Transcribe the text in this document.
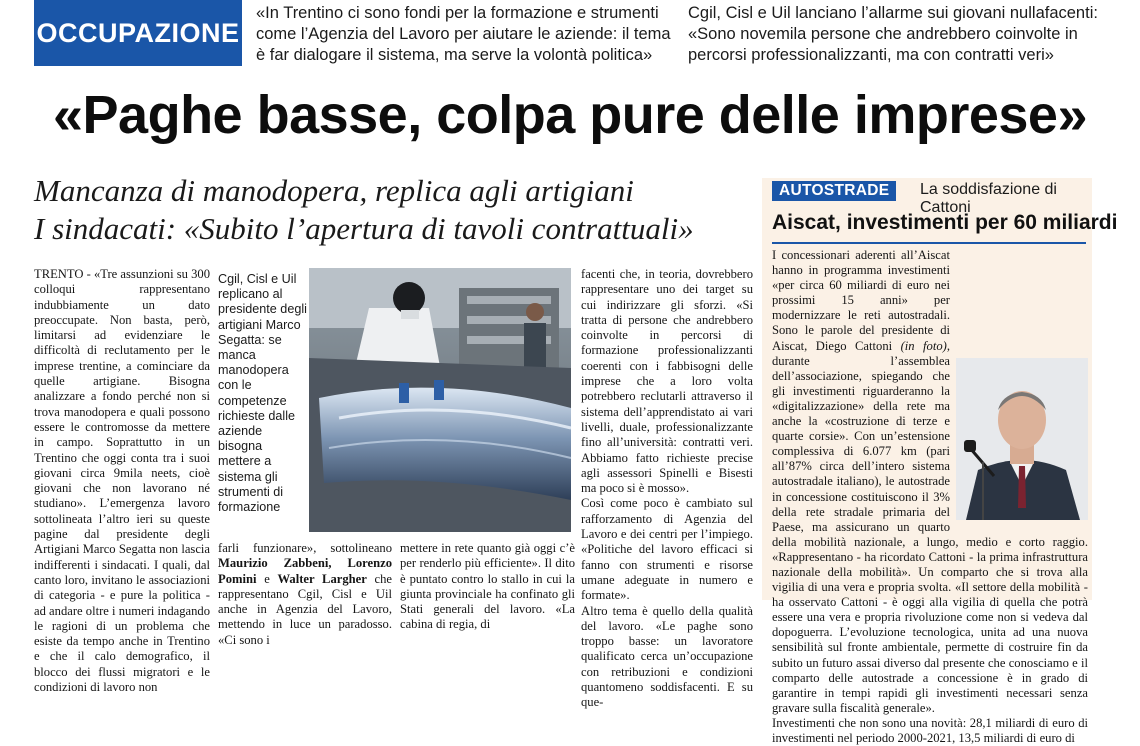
OCCUPAZIONE
«In Trentino ci sono fondi per la formazione e strumenti come l’Agenzia del Lavoro per aiutare le aziende: il tema è far dialogare il sistema, ma serve la volontà politica»
Cgil, Cisl e Uil lanciano l’allarme sui giovani nullafacenti: «Sono novemila persone che andrebbero coinvolte in percorsi professionalizzanti, ma con contratti veri»
«Paghe basse, colpa pure delle imprese»
Mancanza di manodopera, replica agli artigiani
I sindacati: «Subito l’apertura di tavoli contrattuali»

TRENTO - «Tre assunzioni su 300 colloqui rappresentano indubbiamente un dato preoccupate. Non basta, però, limitarsi ad evidenziare le difficoltà di reclutamento per le imprese trentine, a cominciare da quelle artigiane. Bisogna analizzare a fondo perché non si trova manodopera e quali possono essere le contromosse da mettere in campo. Soprattutto in un Trentino che oggi conta tra i suoi giovani circa 9mila neets, cioè giovani che non lavorano né studiano». L’emergenza lavoro sottolineata l’altro ieri su queste pagine dal presidente degli Artigiani Marco Segatta non lascia indifferenti i sindacati. I quali, dal canto loro, invitano le associazioni di categoria - e pure la politica - ad andare oltre i numeri indagando le ragioni di un problema che esiste da tempo anche in Trentino e che il calo demografico, il blocco dei flussi migratori e le condizioni di lavoro non

Cgil, Cisl e Uil replicano al presidente degli artigiani Marco Segatta: se manca manodopera con le competenze richieste dalle aziende bisogna mettere a sistema gli strumenti di formazione

farli funzionare», sottolineano Maurizio Zabbeni, Lorenzo Pomini e Walter Largher che rappresentano Cgil, Cisl e Uil anche in Agenzia del Lavoro, mettendo in luce un paradosso. «Ci sono i

mettere in rete quanto già oggi c’è per renderlo più efficiente». Il dito è puntato contro lo stallo in cui la giunta provinciale ha confinato gli Stati generali del lavoro. «La cabina di regia, di

facenti che, in teoria, dovrebbero rappresentare uno dei target su cui indirizzare gli sforzi. «Si tratta di persone che andrebbero coinvolte in percorsi di formazione professionalizzanti coerenti con i fabbisogni delle imprese che a loro volta potrebbero reclutarli attraverso il sistema dell’apprendistato ai vari livelli, duale, professionalizzante fino all’università: contratti veri. Abbiamo fatto richieste precise agli assessori Spinelli e Bisesti ma poco si è mosso».

Così come poco è cambiato sul rafforzamento di Agenzia del Lavoro e dei centri per l’impiego. «Politiche del lavoro efficaci si fanno con strumenti e risorse umane adeguate in numero e formate».

Altro tema è quello della qualità del lavoro. «Le paghe sono troppo basse: un lavoratore qualificato cerca un’occupazione con retribuzioni e condizioni quantomeno soddisfacenti. E su que-

AUTOSTRADE	La soddisfazione di Cattoni
Aiscat, investimenti per 60 miliardi

I concessionari aderenti all’Aiscat hanno in programma investimenti «per circa 60 miliardi di euro nei prossimi 15 anni» per modernizzare le reti autostradali. Sono le parole del presidente di Aiscat, Diego Cattoni (in foto), durante l’assemblea dell’associazione, spiegando che gli investimenti riguarderanno la «digitalizzazione» della rete ma anche la «costruzione di terze e quarte corsie». Con un’estensione complessiva di 6.077 km (pari all’87% circa dell’intero sistema autostradale italiano), le autostrade in concessione costituiscono il 3% della rete stradale primaria del Paese, ma assicurano un quarto della mobilità nazionale, a lungo, medio e corto raggio. «Rappresentano - ha ricordato Cattoni - la prima infrastruttura nazionale della mobilità». Un comparto che si trova alla vigilia di una vera e propria svolta. «Il settore della mobilità - ha osservato Cattoni - è oggi alla vigilia di quella che potrà essere una vera e propria rivoluzione come non si vedeva dal dopoguerra. L’evoluzione tecnologica, unita ad una nuova sensibilità sul fronte ambientale, permette di costruire fin da subito un futuro assai diverso dal presente che conosciamo e il comparto delle autostrade a concessione è in grado di garantire in tempi rapidi gli investimenti necessari senza gravare sulla fiscalità generale».

Investimenti che non sono una novità: 28,1 miliardi di euro di investimenti nel periodo 2000-2021, 13,5 miliardi di euro di
